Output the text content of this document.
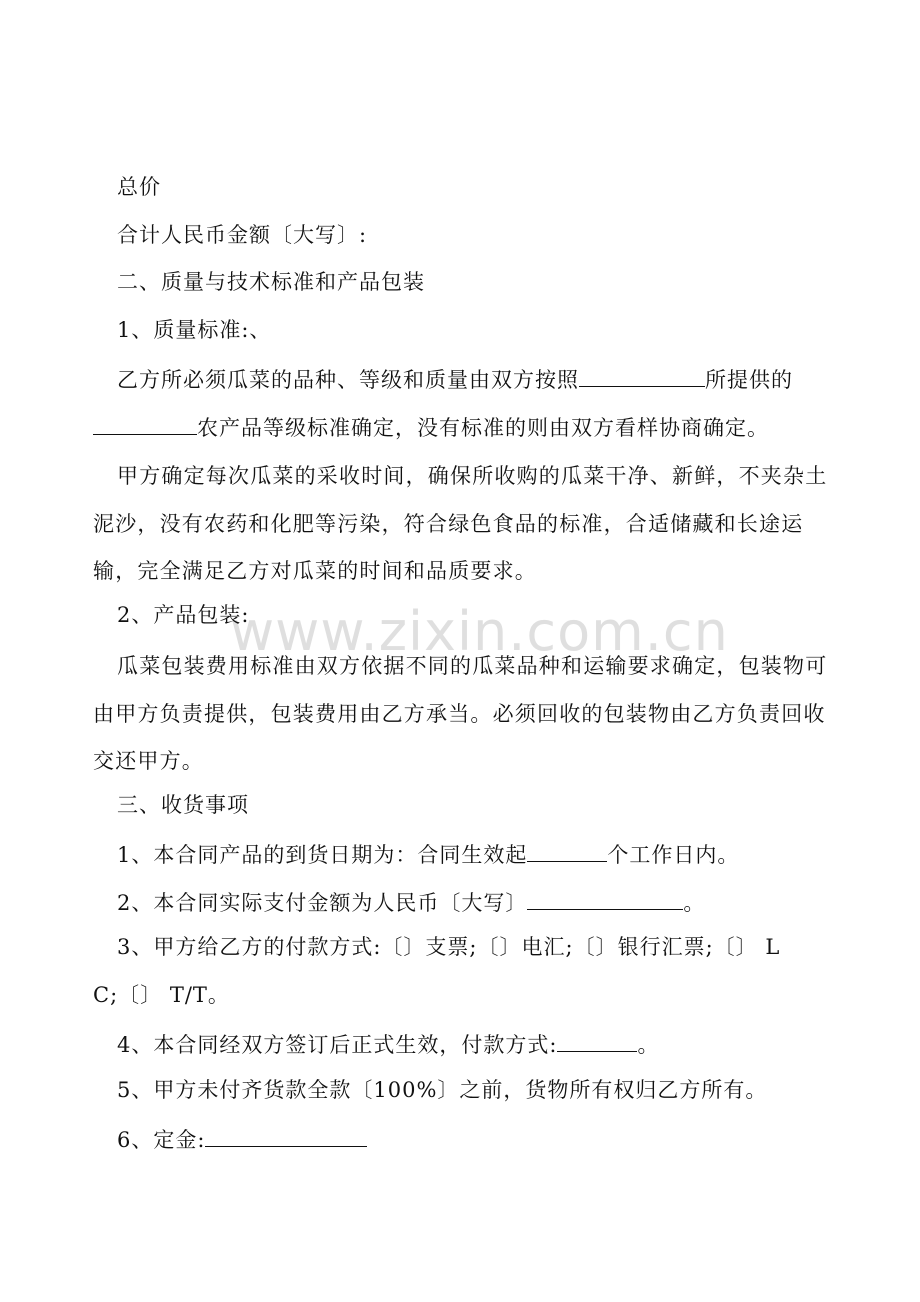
www.zixin.com.cn

总价

合计人民币金额〔大写〕:

二、质量与技术标准和产品包装

1、质量标准:、

乙方所必须瓜菜的品种、等级和质量由双方按照	所提供的

农产品等级标准确定，没有标准的则由双方看样协商确定。

甲方确定每次瓜菜的采收时间，确保所收购的瓜菜干净、新鲜，不夹杂土泥沙，没有农药和化肥等污染，符合绿色食品的标准，合适储藏和长途运输，完全满足乙方对瓜菜的时间和品质要求。

2、产品包装:

瓜菜包装费用标准由双方依据不同的瓜菜品种和运输要求确定，包装物可由甲方负责提供，包装费用由乙方承当。必须回收的包装物由乙方负责回收交还甲方。

三、收货事项

1、本合同产品的到货日期为：合同生效起	个工作日内。

2、本合同实际支付金额为人民币〔大写〕	。

3、甲方给乙方的付款方式:〔〕支票;〔〕电汇;〔〕银行汇票;〔〕 L

C;〔〕 T/T。

4、本合同经双方签订后正式生效，付款方式:	。

5、甲方未付齐货款全款〔100%〕之前，货物所有权归乙方所有。

6、定金:
